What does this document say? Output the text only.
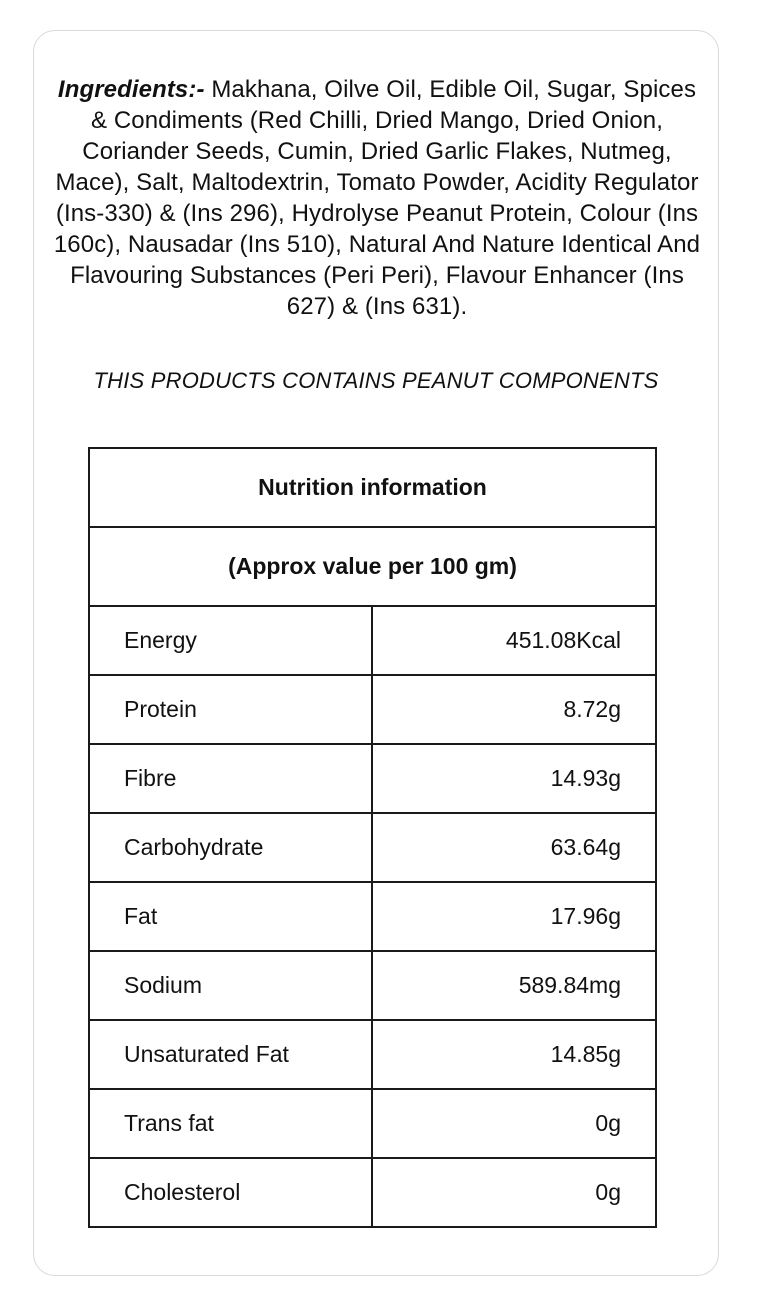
Ingredients:- Makhana, Oilve Oil, Edible Oil, Sugar, Spices & Condiments (Red Chilli, Dried Mango, Dried Onion, Coriander Seeds, Cumin, Dried Garlic Flakes, Nutmeg, Mace), Salt, Maltodextrin, Tomato Powder, Acidity Regulator (Ins-330) & (Ins 296), Hydrolyse Peanut Protein, Colour (Ins 160c), Nausadar (Ins 510), Natural And Nature Identical And Flavouring Substances (Peri Peri), Flavour Enhancer (Ins 627) & (Ins 631).

THIS PRODUCTS CONTAINS PEANUT COMPONENTS

Nutrition information	
(Approx value per 100 gm)	
Energy	451.08Kcal
Protein	8.72g
Fibre	14.93g
Carbohydrate	63.64g
Fat	17.96g
Sodium	589.84mg
Unsaturated Fat	14.85g
Trans fat	0g
Cholesterol	0g
